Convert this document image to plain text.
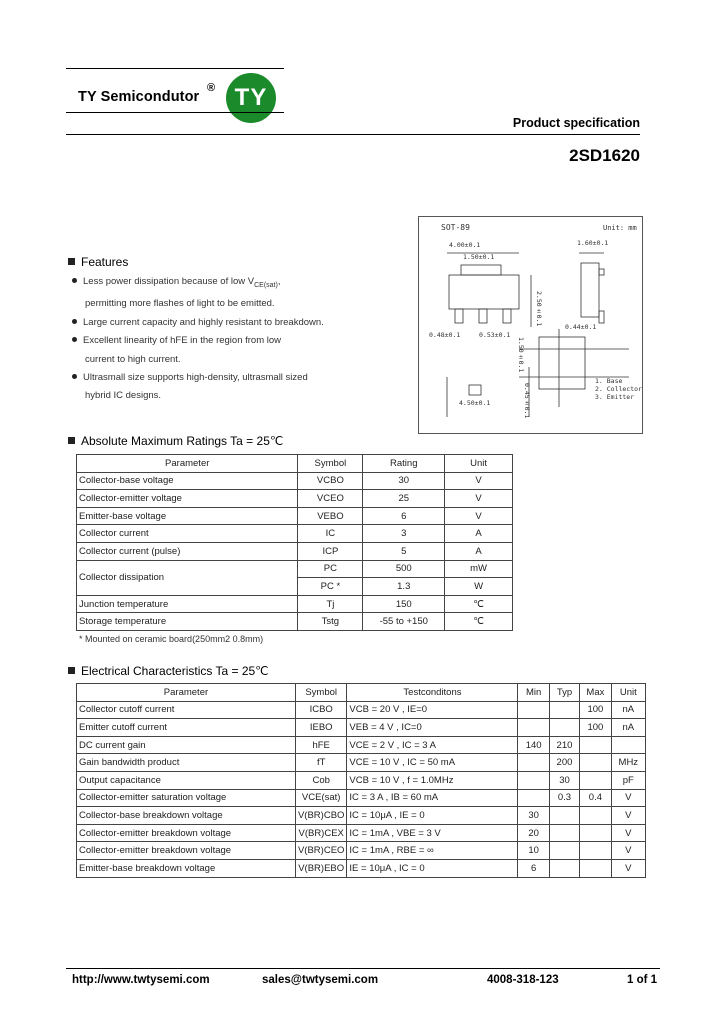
TY Semicondutor
® TY
Product specification
2SD1620
SOT-89	Unit: mm
1.60±0.1
1.50±0.1
4.00±0.1
2.50±0.1
0.48±0.1	0.53±0.1
0.44±0.1
1.50±0.1
4.50±0.1	0.45±0.1
1. Base
2. Collector
3. Emitter
Features
Less power dissipation because of low $V_{CE(sat)}$,
permitting more flashes of light to be emitted.
Large current capacity and highly resistant to breakdown.
Excellent linearity of hFE in the region from low
current to high current.
Ultrasmall size supports high-density, ultrasmall sized
hybrid IC designs.
Absolute Maximum Ratings Ta = 25℃
Parameter	Symbol	Rating	Unit
Collector-base voltage	VCBO	30	V
Collector-emitter voltage	VCEO	25	V
Emitter-base voltage	VEBO	6	V
Collector current	IC	3	A
Collector current (pulse)	ICP	5	A
Collector dissipation	PC	500	mW
	PC *	1.3	W
Junction temperature	Tj	150	℃
Storage temperature	Tstg	-55 to +150	℃
* Mounted on ceramic board(250mm2 0.8mm)
Electrical Characteristics Ta = 25℃
Parameter	Symbol	Testconditons	Min	Typ	Max	Unit
Collector cutoff current	ICBO	VCB = 20 V , IE=0			100	nA
Emitter cutoff current	IEBO	VEB = 4 V , IC=0			100	nA
DC current gain	hFE	VCE = 2 V , IC = 3 A	140	210		
Gain bandwidth product	fT	VCE = 10 V , IC = 50 mA		200		MHz
Output capacitance	Cob	VCB = 10 V , f = 1.0MHz		30		pF
Collector-emitter saturation voltage	VCE(sat)	IC = 3 A , IB = 60 mA		0.3	0.4	V
Collector-base breakdown voltage	V(BR)CBO	IC = 10μA , IE = 0	30			V
Collector-emitter breakdown voltage	V(BR)CEX	IC = 1mA , VBE = 3 V	20			V
Collector-emitter breakdown voltage	V(BR)CEO	IC = 1mA , RBE = ∞	10			V
Emitter-base breakdown voltage	V(BR)EBO	IE = 10μA , IC = 0	6			V
http://www.twtysemi.com	sales@twtysemi.com	4008-318-123	1 of 1
